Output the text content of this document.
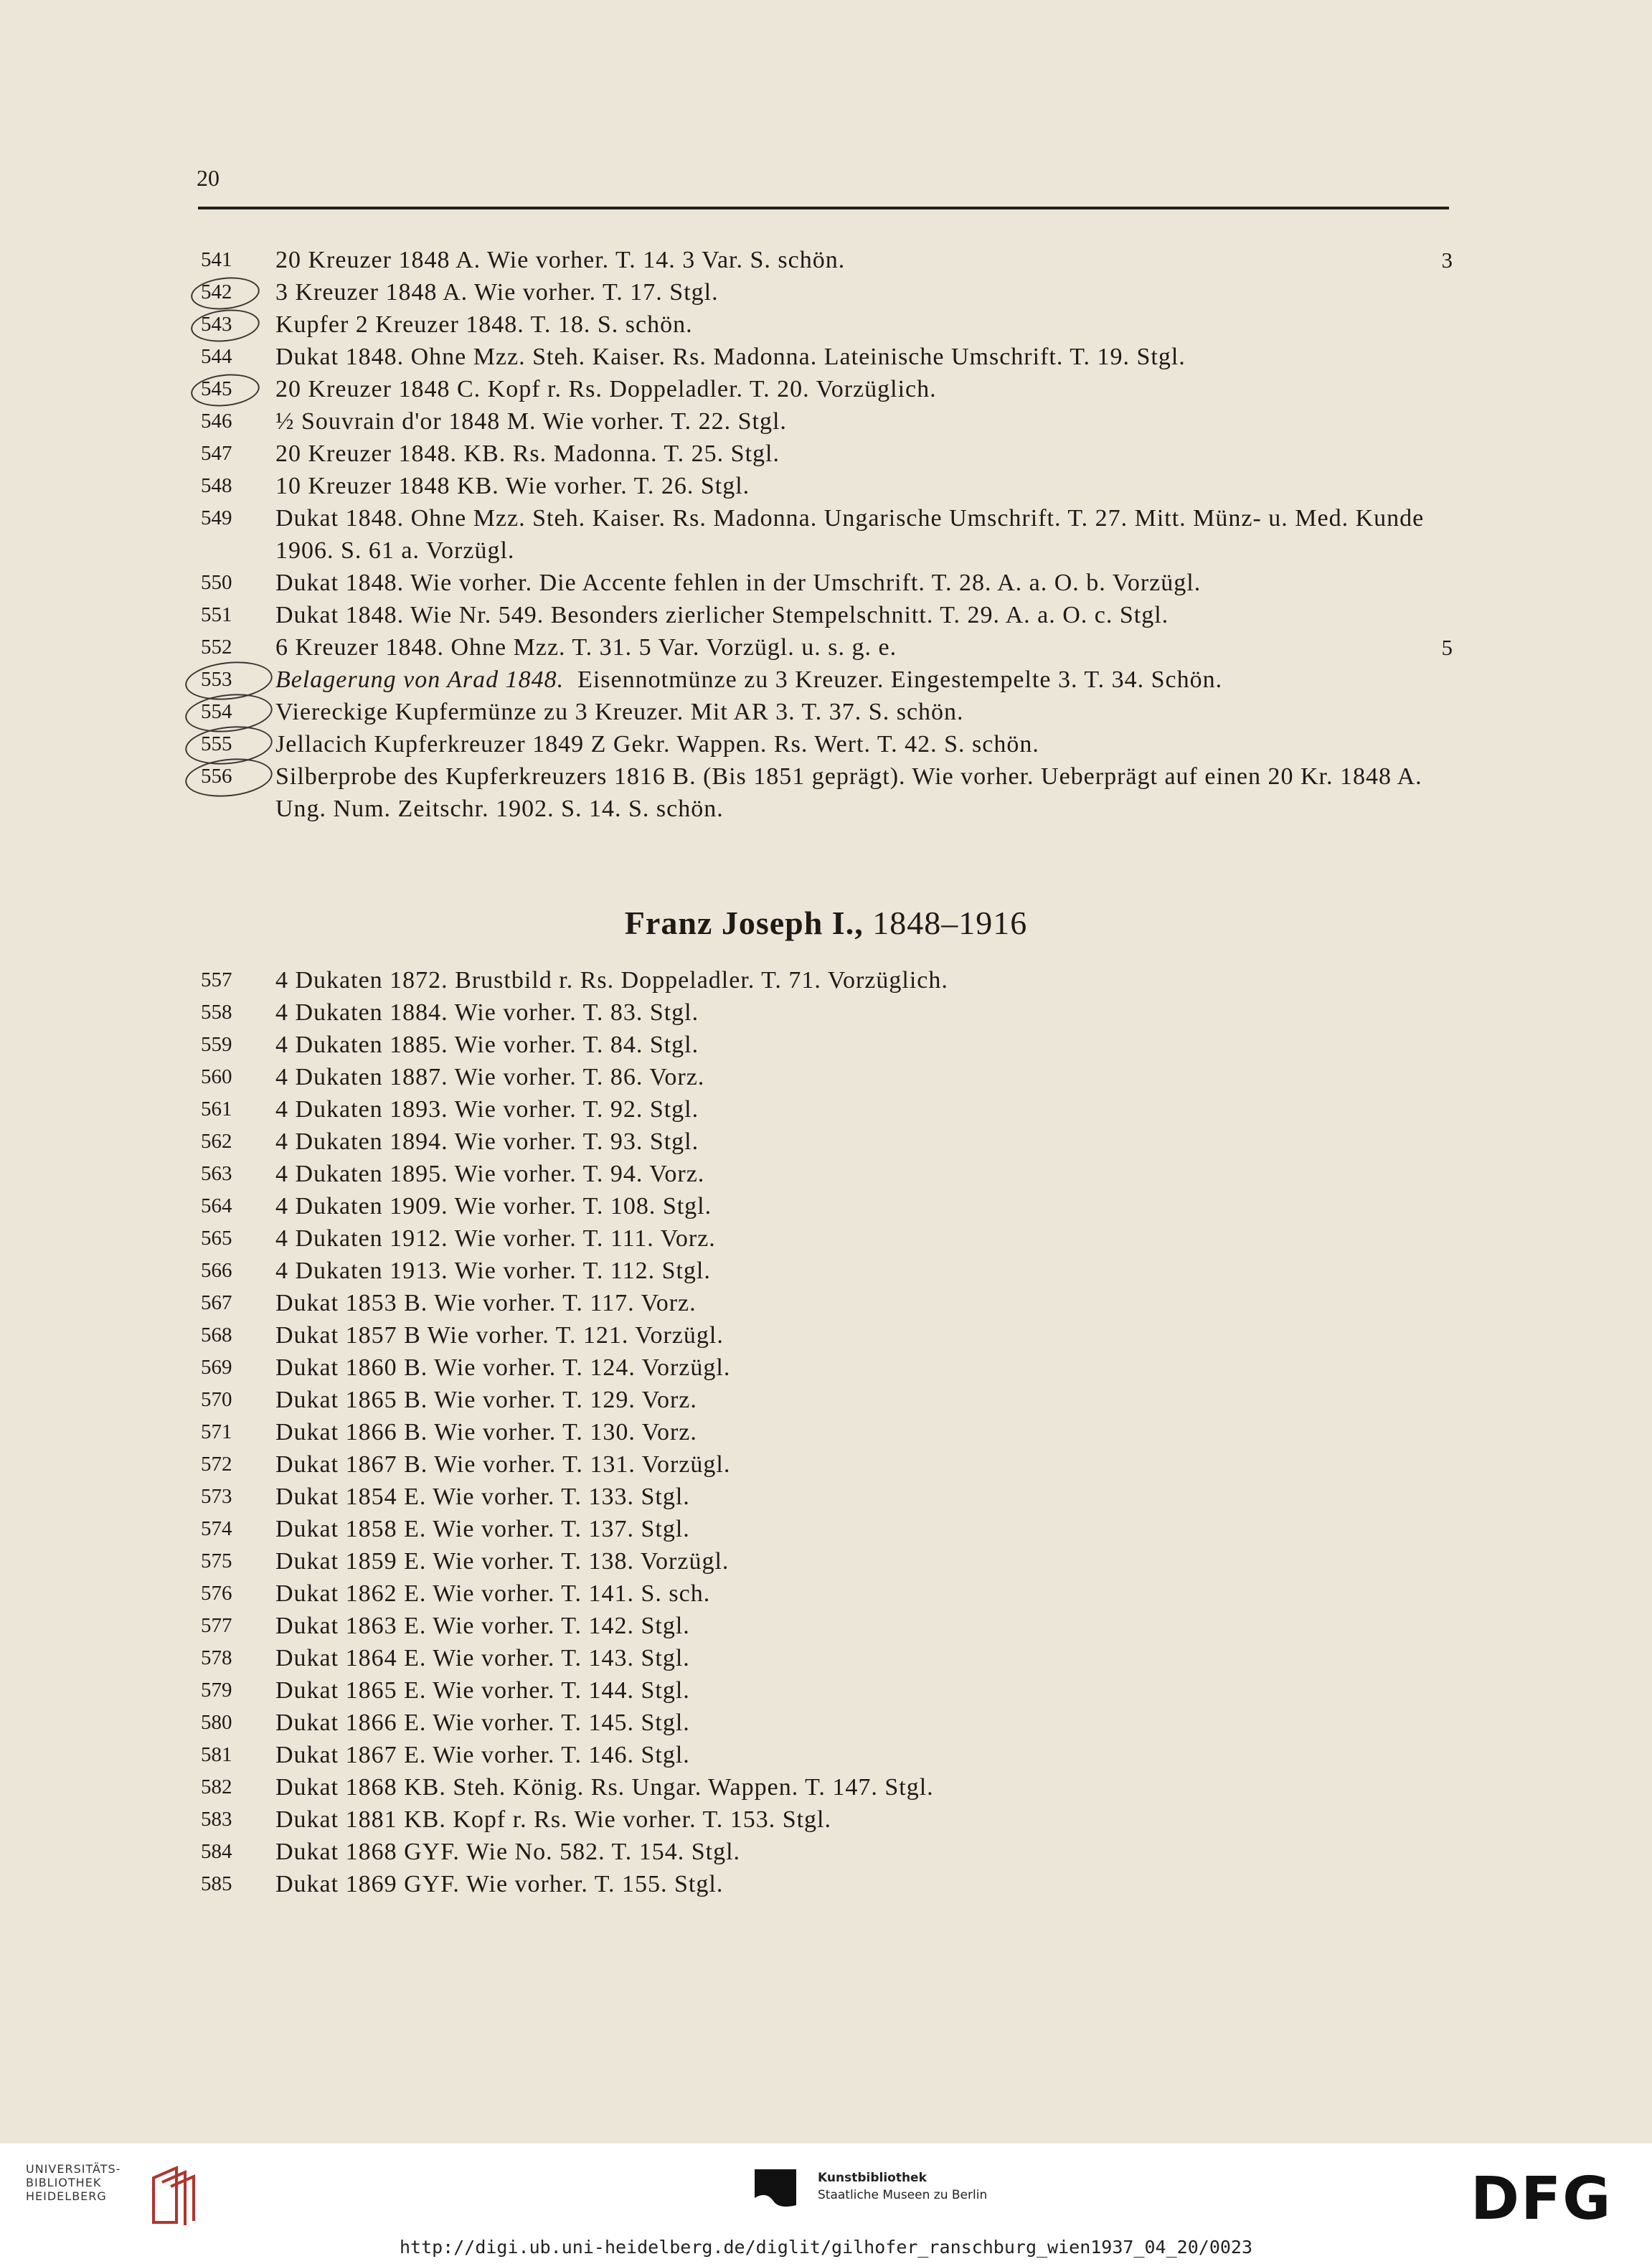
20
541	20 Kreuzer 1848 A. Wie vorher. T. 14. 3 Var. S. schön.	3
542	3 Kreuzer 1848 A. Wie vorher. T. 17. Stgl.
543	Kupfer 2 Kreuzer 1848. T. 18. S. schön.
544	Dukat 1848. Ohne Mzz. Steh. Kaiser. Rs. Madonna. Lateinische Umschrift. T. 19. Stgl.
545	20 Kreuzer 1848 C. Kopf r. Rs. Doppeladler. T. 20. Vorzüglich.
546	½ Souvrain d'or 1848 M. Wie vorher. T. 22. Stgl.
547	20 Kreuzer 1848. KB. Rs. Madonna. T. 25. Stgl.
548	10 Kreuzer 1848 KB. Wie vorher. T. 26. Stgl.
549	Dukat 1848. Ohne Mzz. Steh. Kaiser. Rs. Madonna. Ungarische Umschrift. T. 27. Mitt. Münz- u. Med. Kunde 1906. S. 61 a. Vorzügl.
550	Dukat 1848. Wie vorher. Die Accente fehlen in der Umschrift. T. 28. A. a. O. b. Vorzügl.
551	Dukat 1848. Wie Nr. 549. Besonders zierlicher Stempelschnitt. T. 29. A. a. O. c. Stgl.
552	6 Kreuzer 1848. Ohne Mzz. T. 31. 5 Var. Vorzügl. u. s. g. e.	5
553	Belagerung von Arad 1848.  Eisennotmünze zu 3 Kreuzer. Eingestempelte 3. T. 34. Schön.
554	Viereckige Kupfermünze zu 3 Kreuzer. Mit AR 3. T. 37. S. schön.
555	Jellacich Kupferkreuzer 1849 Z Gekr. Wappen. Rs. Wert. T. 42. S. schön.
556	Silberprobe des Kupferkreuzers 1816 B. (Bis 1851 geprägt). Wie vorher. Ueberprägt auf einen 20 Kr. 1848 A. Ung. Num. Zeitschr. 1902. S. 14. S. schön.
Franz Joseph I., 1848–1916
557	4 Dukaten 1872. Brustbild r. Rs. Doppeladler. T. 71. Vorzüglich.
558	4 Dukaten 1884. Wie vorher. T. 83. Stgl.
559	4 Dukaten 1885. Wie vorher. T. 84. Stgl.
560	4 Dukaten 1887. Wie vorher. T. 86. Vorz.
561	4 Dukaten 1893. Wie vorher. T. 92. Stgl.
562	4 Dukaten 1894. Wie vorher. T. 93. Stgl.
563	4 Dukaten 1895. Wie vorher. T. 94. Vorz.
564	4 Dukaten 1909. Wie vorher. T. 108. Stgl.
565	4 Dukaten 1912. Wie vorher. T. 111. Vorz.
566	4 Dukaten 1913. Wie vorher. T. 112. Stgl.
567	Dukat 1853 B. Wie vorher. T. 117. Vorz.
568	Dukat 1857 B Wie vorher. T. 121. Vorzügl.
569	Dukat 1860 B. Wie vorher. T. 124. Vorzügl.
570	Dukat 1865 B. Wie vorher. T. 129. Vorz.
571	Dukat 1866 B. Wie vorher. T. 130. Vorz.
572	Dukat 1867 B. Wie vorher. T. 131. Vorzügl.
573	Dukat 1854 E. Wie vorher. T. 133. Stgl.
574	Dukat 1858 E. Wie vorher. T. 137. Stgl.
575	Dukat 1859 E. Wie vorher. T. 138. Vorzügl.
576	Dukat 1862 E. Wie vorher. T. 141. S. sch.
577	Dukat 1863 E. Wie vorher. T. 142. Stgl.
578	Dukat 1864 E. Wie vorher. T. 143. Stgl.
579	Dukat 1865 E. Wie vorher. T. 144. Stgl.
580	Dukat 1866 E. Wie vorher. T. 145. Stgl.
581	Dukat 1867 E. Wie vorher. T. 146. Stgl.
582	Dukat 1868 KB. Steh. König. Rs. Ungar. Wappen. T. 147. Stgl.
583	Dukat 1881 KB. Kopf r. Rs. Wie vorher. T. 153. Stgl.
584	Dukat 1868 GYF. Wie No. 582. T. 154. Stgl.
585	Dukat 1869 GYF. Wie vorher. T. 155. Stgl.
UNIVERSITÄTS-
BIBLIOTHEK
HEIDELBERG
Kunstbibliothek
Staatliche Museen zu Berlin	DFG
http://digi.ub.uni-heidelberg.de/diglit/gilhofer_ranschburg_wien1937_04_20/0023
